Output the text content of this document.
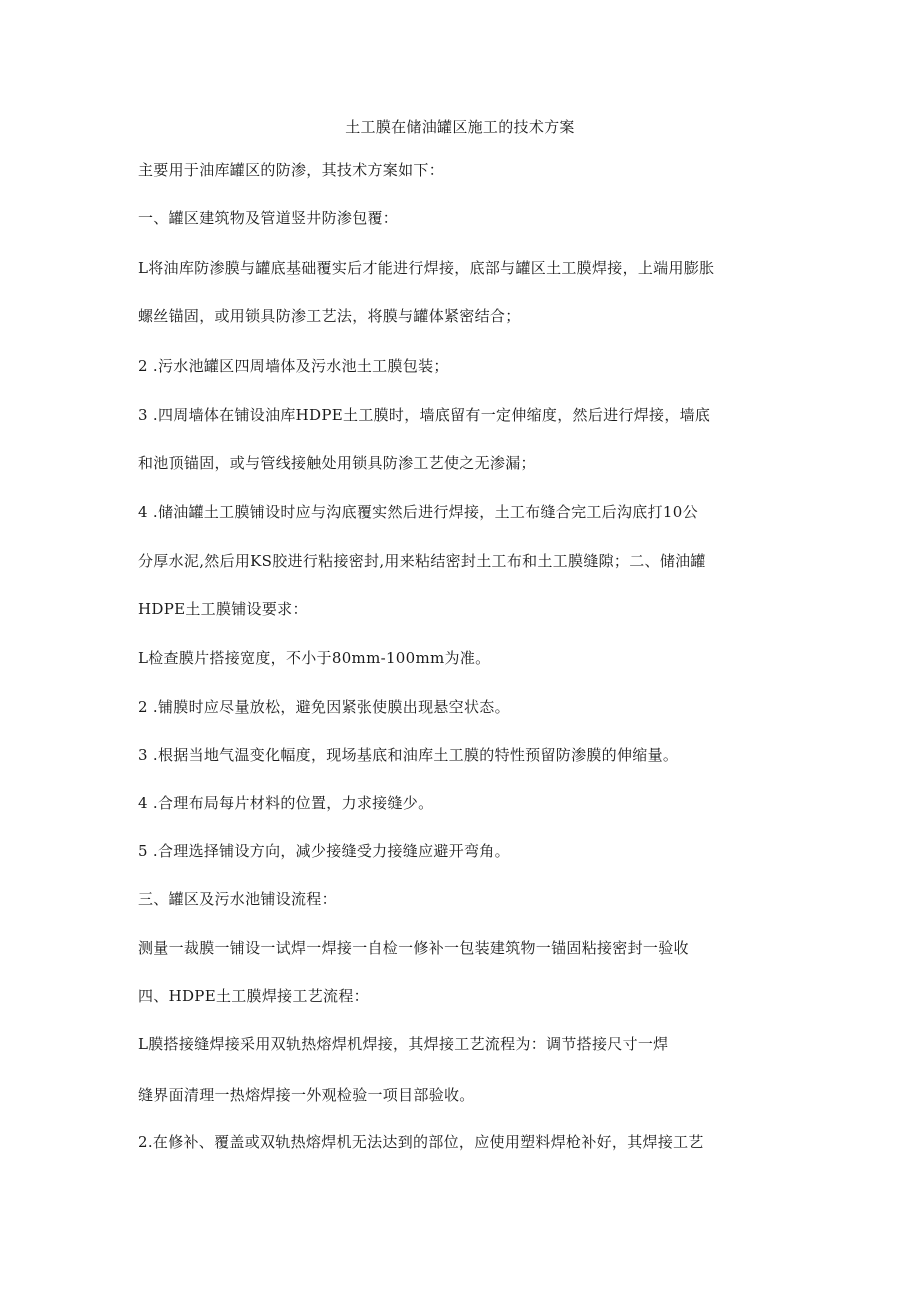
土工膜在储油罐区施工的技术方案
主要用于油库罐区的防渗，其技术方案如下：
一、罐区建筑物及管道竖井防渗包覆：
L将油库防渗膜与罐底基础覆实后才能进行焊接，底部与罐区土工膜焊接，上端用膨胀
螺丝锚固，或用锁具防渗工艺法，将膜与罐体紧密结合；
2 .污水池罐区四周墙体及污水池土工膜包装；
3 .四周墙体在铺设油库HDPE土工膜时，墙底留有一定伸缩度，然后进行焊接，墙底
和池顶锚固，或与管线接触处用锁具防渗工艺使之无渗漏；
4 .储油罐土工膜铺设时应与沟底覆实然后进行焊接，土工布缝合完工后沟底打10公
分厚水泥,然后用KS胶进行粘接密封,用来粘结密封土工布和土工膜缝隙；二、储油罐
HDPE土工膜铺设要求：
L检查膜片搭接宽度，不小于80mm-100mm为准。
2 .铺膜时应尽量放松，避免因紧张使膜出现悬空状态。
3 .根据当地气温变化幅度，现场基底和油库土工膜的特性预留防渗膜的伸缩量。
4 .合理布局每片材料的位置，力求接缝少。
5 .合理选择铺设方向，减少接缝受力接缝应避开弯角。
三、罐区及污水池铺设流程：
测量一裁膜一铺设一试焊一焊接一自检一修补一包装建筑物一锚固粘接密封一验收
四、HDPE土工膜焊接工艺流程：
L膜搭接缝焊接采用双轨热熔焊机焊接，其焊接工艺流程为：调节搭接尺寸一焊
缝界面清理一热熔焊接一外观检验一项目部验收。
2.在修补、覆盖或双轨热熔焊机无法达到的部位，应使用塑料焊枪补好，其焊接工艺
